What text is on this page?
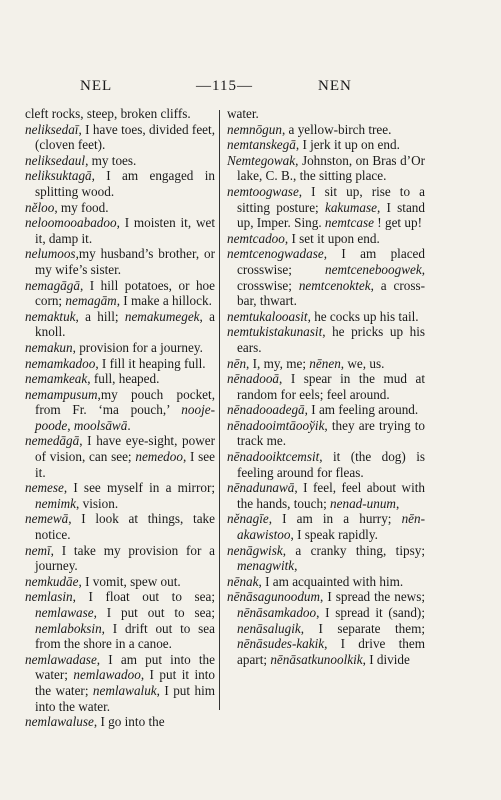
NEL	—115—	NEN

cleft rocks, steep, broken cliffs.

neliksedaī, I have toes, divided feet, (cloven feet).

neliksedaul, my toes.

neliksuktagā, I am engaged in splitting wood.

nĕloo, my food.

neloomooabadoo, I moisten it, wet it, damp it.

nelumoos,my husband’s brother, or my wife’s sister.

nemagāgā, I hill potatoes, or hoe corn; nemagām, I make a hillock.

nemaktuk, a hill; nemakumegek, a knoll.

nemakun, provision for a journey.

nemamkadoo, I fill it heaping full.

nemamkeak, full, heaped.

nemampusum,my pouch pocket, from Fr. ‘ma pouch,’ nooje-poode, moolsāwā.

nemedāgā, I have eye-sight, power of vision, can see; nemedoo, I see it.

nemese, I see myself in a mirror; nemimk, vision.

nemewā, I look at things, take notice.

nemī, I take my provision for a journey.

nemkudāe, I vomit, spew out.

nemlasin, I float out to sea; nemlawase, I put out to sea; nemlaboksin, I drift out to sea from the shore in a canoe.

nemlawadase, I am put into the water; nemlawadoo, I put it into the water; nemlawaluk, I put him into the water.

nemlawaluse, I go into the

water.

nemnōgun, a yellow-birch tree.

nemtanskegā, I jerk it up on end.

Nemtegowak, Johnston, on Bras d’Or lake, C. B., the sitting place.

nemtoogwase, I sit up, rise to a sitting posture; kakumase, I stand up, Imper. Sing. nemtcase ! get up!

nemtcadoo, I set it upon end.

nemtcenogwadase, I am placed crosswise; nemtceneboogwek, crosswise; nemtcenoktek, a cross-bar, thwart.

nemtukalooasit, he cocks up his tail.

nemtukistakunasit, he pricks up his ears.

nēn, I, my, me; nēnen, we, us.

nēnadooā, I spear in the mud at random for eels; feel around.

nēnadooadegā, I am feeling around.

nēnadooimtāooўik, they are trying to track me.

nēnadooiktcemsit, it (the dog) is feeling around for fleas.

nēnadunawā, I feel, feel about with the hands, touch; nenad-unum,

nĕnagīe, I am in a hurry; nēn-akawistoo, I speak rapidly.

nenāgwisk, a cranky thing, tipsy; menagwitk,

nēnak, I am acquainted with him.

nēnāsagunoodum, I spread the news; nēnāsamkadoo, I spread it (sand); nenāsalugik, I separate them; nēnāsudes-kakik, I drive them apart; nēnāsatkunoolkik, I divide
